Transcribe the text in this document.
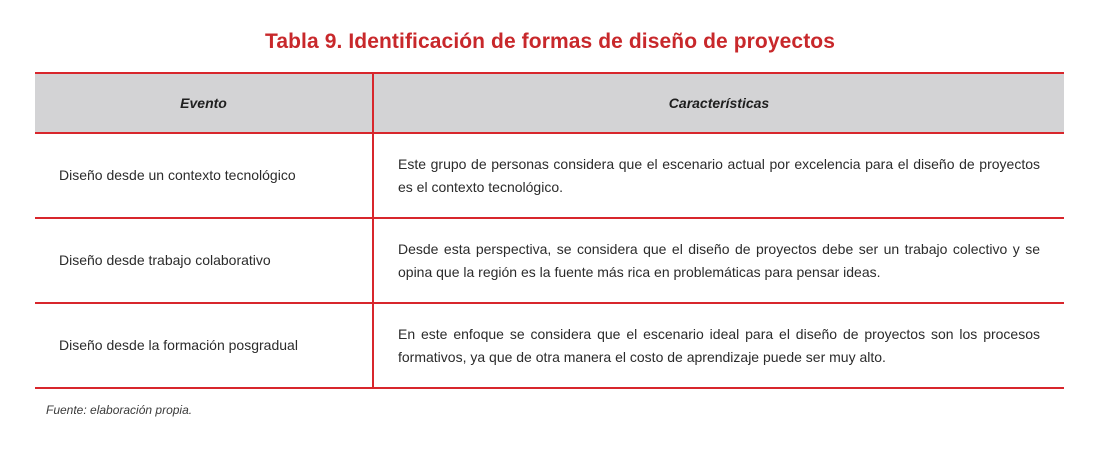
Tabla 9. Identificación de formas de diseño de proyectos
Evento	Características
Diseño desde un contexto tecnológico	Este grupo de personas considera que el escenario actual por excelencia para el diseño de proyectos es el contexto tecnológico.
Diseño desde trabajo colaborativo	Desde esta perspectiva, se considera que el diseño de proyectos debe ser un trabajo colectivo y se opina que la región es la fuente más rica en problemáticas para pensar ideas.
Diseño desde la formación posgradual	En este enfoque se considera que el escenario ideal para el diseño de proyectos son los procesos formativos, ya que de otra manera el costo de aprendizaje puede ser muy alto.
Fuente: elaboración propia.
